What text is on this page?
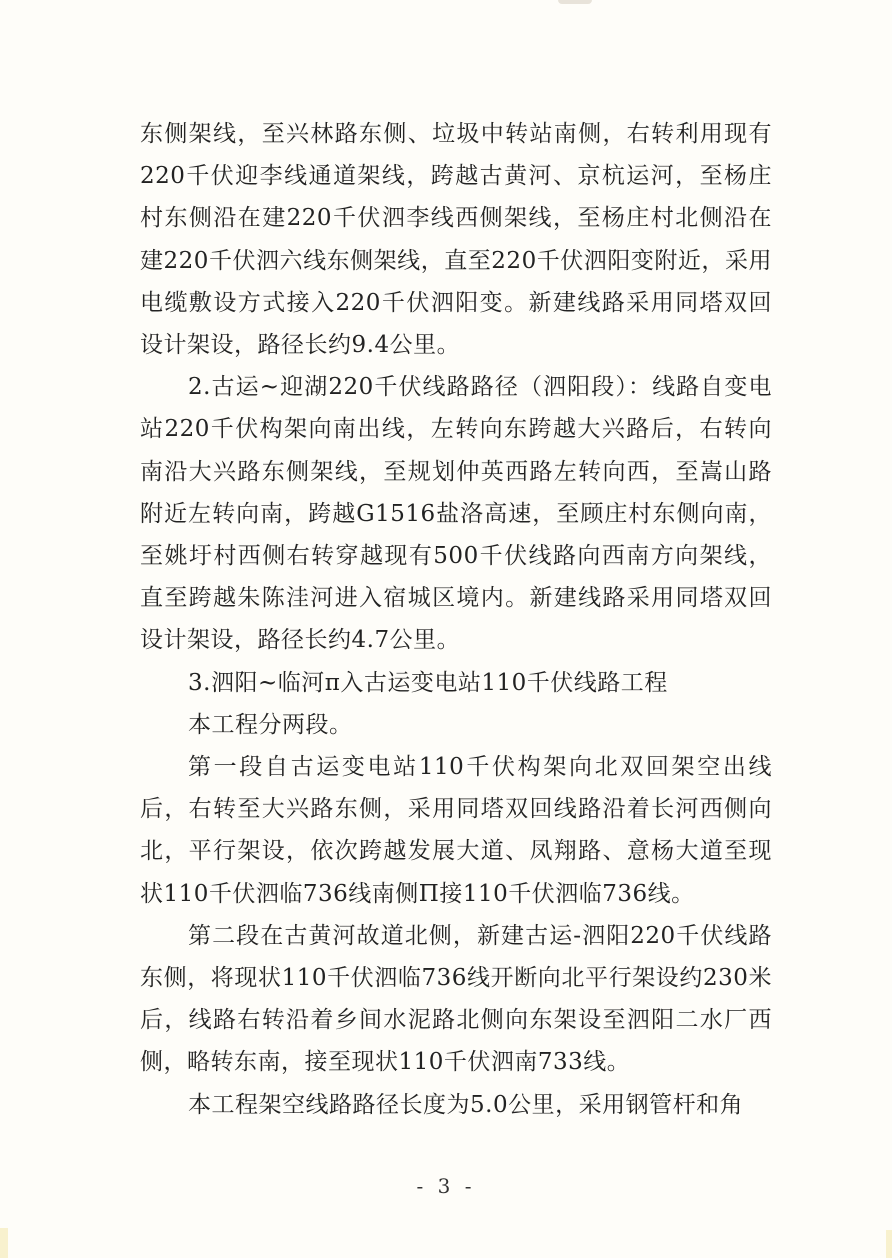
东侧架线，至兴林路东侧、垃圾中转站南侧，右转利用现有220千伏迎李线通道架线，跨越古黄河、京杭运河，至杨庄村东侧沿在建220千伏泗李线西侧架线，至杨庄村北侧沿在建220千伏泗六线东侧架线，直至220千伏泗阳变附近，采用电缆敷设方式接入220千伏泗阳变。新建线路采用同塔双回设计架设，路径长约9.4公里。

2.古运~迎湖220千伏线路路径（泗阳段）：线路自变电站220千伏构架向南出线，左转向东跨越大兴路后，右转向南沿大兴路东侧架线，至规划仲英西路左转向西，至嵩山路附近左转向南，跨越G1516盐洛高速，至顾庄村东侧向南，至姚圩村西侧右转穿越现有500千伏线路向西南方向架线，直至跨越朱陈洼河进入宿城区境内。新建线路采用同塔双回设计架设，路径长约4.7公里。

3.泗阳~临河π入古运变电站110千伏线路工程

本工程分两段。

第一段自古运变电站110千伏构架向北双回架空出线后，右转至大兴路东侧，采用同塔双回线路沿着长河西侧向北，平行架设，依次跨越发展大道、凤翔路、意杨大道至现状110千伏泗临736线南侧Π接110千伏泗临736线。

第二段在古黄河故道北侧，新建古运-泗阳220千伏线路东侧，将现状110千伏泗临736线开断向北平行架设约230米后，线路右转沿着乡间水泥路北侧向东架设至泗阳二水厂西侧，略转东南，接至现状110千伏泗南733线。

本工程架空线路路径长度为5.0公里，采用钢管杆和角

- 3 -
